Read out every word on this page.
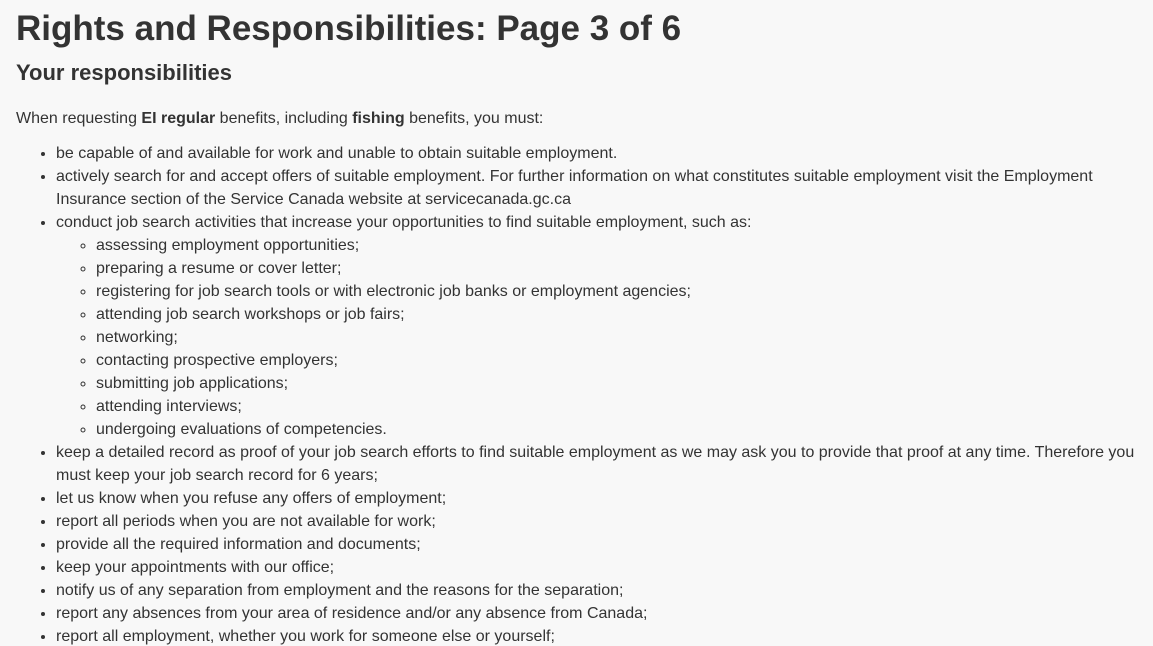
Rights and Responsibilities: Page 3 of 6
Your responsibilities

When requesting EI regular benefits, including fishing benefits, you must:

• be capable of and available for work and unable to obtain suitable employment.
• actively search for and accept offers of suitable employment. For further information on what constitutes suitable employment visit the Employment Insurance section of the Service Canada website at servicecanada.gc.ca
• conduct job search activities that increase your opportunities to find suitable employment, such as:
◦ assessing employment opportunities;
◦ preparing a resume or cover letter;
◦ registering for job search tools or with electronic job banks or employment agencies;
◦ attending job search workshops or job fairs;
◦ networking;
◦ contacting prospective employers;
◦ submitting job applications;
◦ attending interviews;
◦ undergoing evaluations of competencies.
• keep a detailed record as proof of your job search efforts to find suitable employment as we may ask you to provide that proof at any time. Therefore you must keep your job search record for 6 years;
• let us know when you refuse any offers of employment;
• report all periods when you are not available for work;
• provide all the required information and documents;
• keep your appointments with our office;
• notify us of any separation from employment and the reasons for the separation;
• report any absences from your area of residence and/or any absence from Canada;
• report all employment, whether you work for someone else or yourself;
